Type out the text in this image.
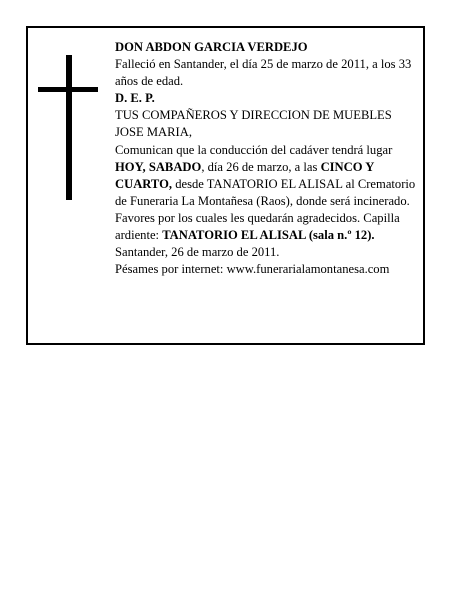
DON ABDON GARCIA VERDEJO

Falleció en Santander, el día 25 de marzo de 2011, a los 33 años de edad.

D. E. P.

TUS COMPAÑEROS Y DIRECCION DE MUEBLES JOSE MARIA,

Comunican que la conducción del cadáver tendrá lugar HOY, SABADO, día 26 de marzo, a las CINCO Y CUARTO, desde TANATORIO EL ALISAL al Crematorio de Funeraria La Montañesa (Raos), donde será incinerado. Favores por los cuales les quedarán agradecidos. Capilla ardiente: TANATORIO EL ALISAL (sala n.º 12).

Santander, 26 de marzo de 2011.

Pésames por internet: www.funerarialamontanesa.com
